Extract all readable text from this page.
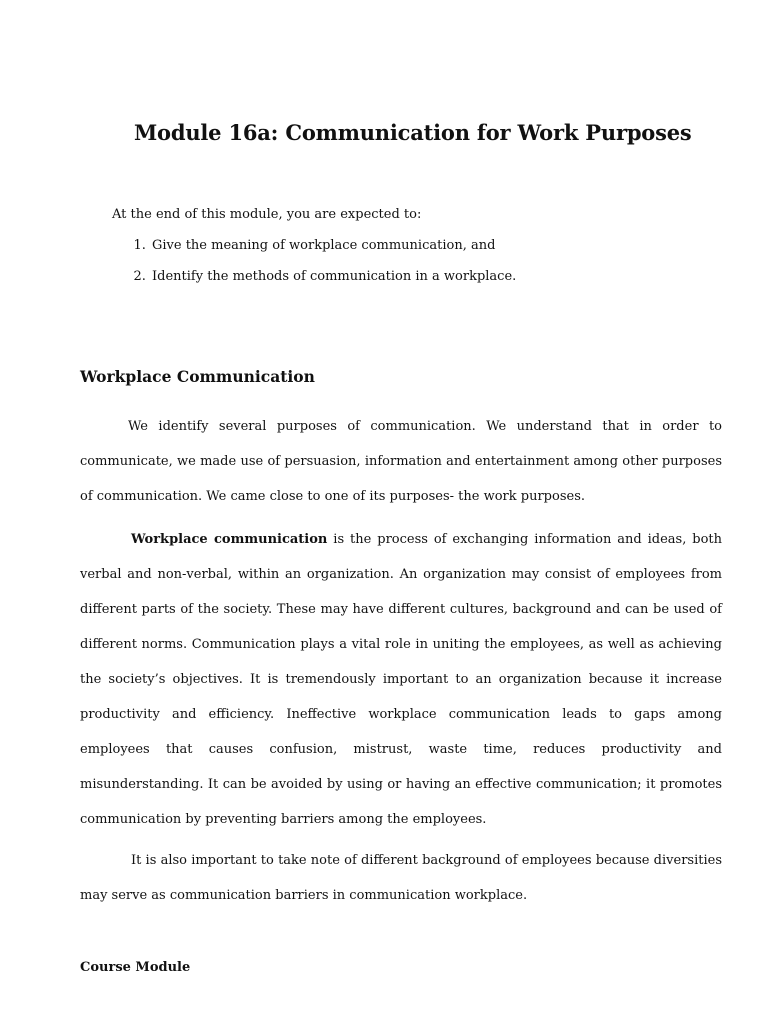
Module 16a: Communication for Work Purposes
At the end of this module, you are expected to:
1. Give the meaning of workplace communication, and
2. Identify the methods of communication in a workplace.
Workplace Communication

We identify several purposes of communication. We understand that in order to communicate, we made use of persuasion, information and entertainment among other purposes of communication. We came close to one of its purposes- the work purposes.

Workplace communication is the process of exchanging information and ideas, both verbal and non-verbal, within an organization. An organization may consist of employees from different parts of the society. These may have different cultures, background and can be used of different norms. Communication plays a vital role in uniting the employees, as well as achieving the society’s objectives. It is tremendously important to an organization because it increase productivity and efficiency. Ineffective workplace communication leads to gaps among employees that causes confusion, mistrust, waste time, reduces productivity and misunderstanding. It can be avoided by using or having an effective communication; it promotes communication by preventing barriers among the employees.

It is also important to take note of different background of employees because diversities may serve as communication barriers in communication workplace.

Course Module
